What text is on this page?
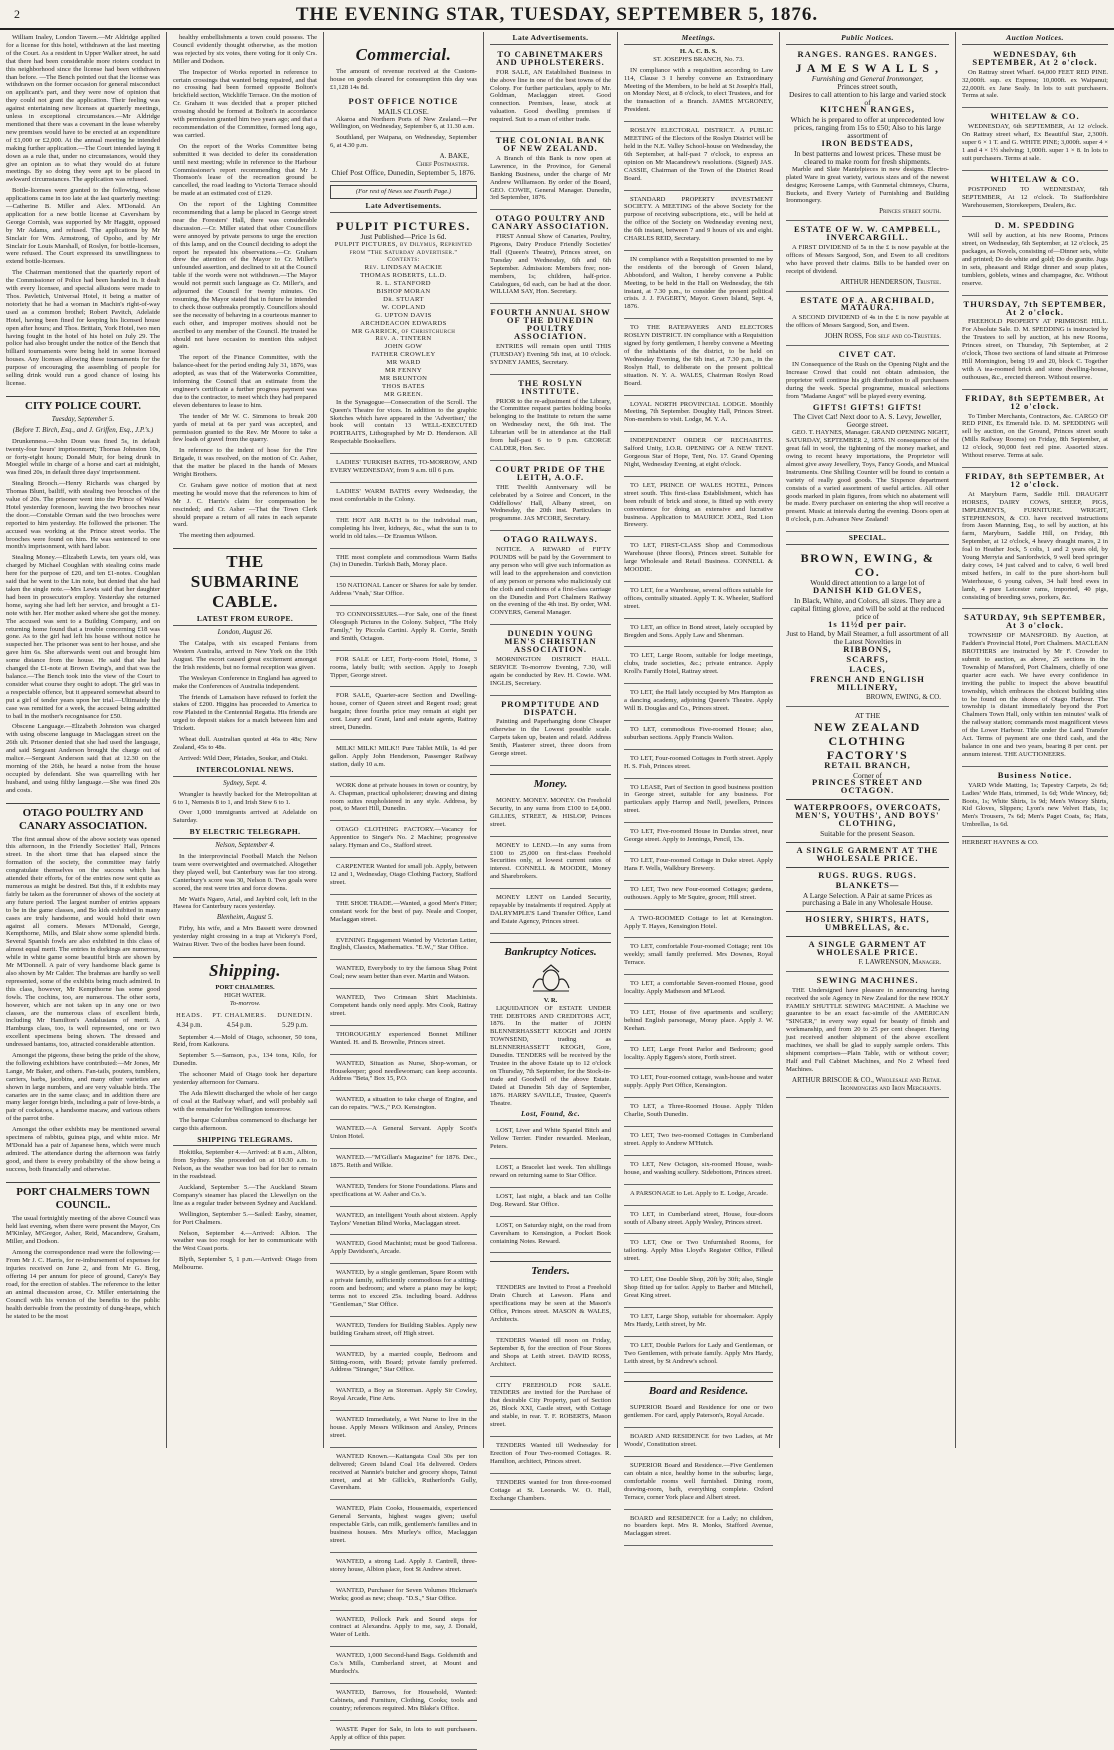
2	THE EVENING STAR, TUESDAY, SEPTEMBER 5, 1876.

William Inaley, London Tavern.—Mr Aldridge applied for a license for this hotel, withdrawn at the last meeting of the Court. As a resident in Upper Walker street, he said that there had been considerable more rioters conduct in this neighborhood since the license had been withdrawn than before. —The Bench pointed out that the license was withdrawn on the former occasion for general misconduct on applicant's part, and they were now of opinion that they could not grant the application. Their feeling was against entertaining new licenses at quarterly meetings, unless in exceptional circumstances.—Mr Aldridge mentioned that there was a covenant in the lease whereby new premises would have to be erected at an expenditure of £1,000 or £2,000. At the annual meeting he intended making further application.—The Court intended laying it down as a rule that, under no circumstances, would they give an opinion as to what they would do at future meetings. By so doing they were apt to be placed in awkward circumstances. The application was refused.

Bottle-licenses were granted to the following, whose applications came in too late at the last quarterly meeting:—Catherine B. Miller and Alex. M'Donald. An application for a new bottle license at Caversham by George Cornish, was supported by Mr Haggitt, opposed by Mr Adams, and refused. The applications by Mr Sinclair for Wm. Armstrong, of Opoho, and by Mr Sinclair for Louis Marshall, of Roslyn, for bottle-licenses, were refused. The Court expressed its unwillingness to extend bottle-licenses.

The Chairman mentioned that the quarterly report of the Commissioner of Police had been handed in. It dealt with every licensee, and special allusions were made to Thos. Pavletich, Universal Hotel, it being a matter of notoriety that he had a woman in Machin's right-of-way used as a common brothel; Robert Pavitch, Adelaide Hotel, having been fined for keeping his licensed house open after hours; and Thos. Brittain, York Hotel, two men having fought in the hotel of his hotel on July 29. The police had also brought under the notice of the Bench that billiard tournaments were being held in some licensed houses. Any licenses allowing these tournaments for the purpose of encouraging the assembling of people for selling drink would run a good chance of losing his license.

CITY POLICE COURT.
Tuesday, September 5.
(Before T. Birch, Esq., and J. Griffen, Esq., J.P.'s.)

Drunkenness.—John Doun was fined 5s, in default twenty-four hours' imprisonment; Thomas Johnston 10s, or forty-eight hours; Donald Muir, for being drunk in Moegiel while in charge of a horse and cart at midnight, was fined 20s, in default three days' imprisonment.

Stealing Brooch.—Henry Richards was charged by Thomas Blunt, bailiff, with stealing two brooches of the value of 20s. The prisoner went into the Prince of Wales Hotel yesterday forenoon, leaving the two brooches near the door.—Constable Orman said the two brooches were reported to him yesterday. He followed the prisoner. The accused was working at the Prince street works. The brooches were found on him. He was sentenced to one month's imprisonment, with hard labor.

Stealing Money.—Elizabeth Lewis, ten years old, was charged by Michael Coughlan with stealing coins made here for the purpose of £20, and ten £1-notes. Coughlan said that he went to the Lin note, but denied that she had taken the single note.—Mrs Lewis said that her daughter had been in prosecutor's employ. Yesterday she returned home, saying she had left her service, and brought a £1-note with her. Her mother asked where she got the money. The accused was sent to a Building Company, and on returning home found that a trouble concerning £18 was gone. As to the girl had left his house without notice he suspected her. The prisoner was sent to her house, and she gave him 6s. She afterwards went out and brought him some distance from the house. He said that she had changed the £1-note at Brown Ewing's, and that was the balance.—The Bench took into the view of the Court to consider what course they ought to adopt. The girl was in a respectable offence, but it appeared somewhat absurd to put a girl of tender years upon her trial.—Ultimately the case was remitted for a week, the accused being admitted to bail in the mother's recognisance for £50.

Obscene Language.—Elizabeth Johnston was charged with using obscene language in Maclaggan street on the 26th ult. Prisoner denied that she had used the language, and said Sergeant Anderson brought the charge out of malice.—Sergeant Anderson said that at 12.30 on the morning of the 26th, he heard a noise from the house occupied by defendant. She was quarrelling with her husband, and using filthy language.—She was fined 20s and costs.

OTAGO POULTRY AND CANARY ASSOCIATION.

The first annual show of the above society was opened this afternoon, in the Friendly Societies' Hall, Princes street. In the short time that has elapsed since the formation of the society, the committee may fairly congratulate themselves on the success which has attended their efforts, for of the entries now sent quite as numerous as might be desired. But this, if it exhibits may fairly be taken as the forerunner of shows of the society at any future period. The largest number of entries appears to be in the game classes, and Bo kids exhibited in many cases are truly handsome, and would hold their own against all comers. Messrs M'Donald, George, Kempthorne, Mills, and Blair show some splendid birds. Several Spanish fowls are also exhibited in this class of almost equal merit. The entries in dorkings are numerous, while in white game some beautiful birds are shown by Mr M'Donnell. A pair of very handsome black game is also shown by Mr Calder. The brahmas are hardly so well represented, some of the exhibits being much admired. In this class, however, Mr Kempthorne has some good fowls. The cochins, too, are numerous. The other sorts, however, which are not taken up in any one or two classes, are the numerous class of excellent birds, including Mr Hamilton's Andalusians of merit. A Hamburgs class, too, is well represented, one or two excellent specimens being shown. The dressed and undressed bantams, too, attracted considerable attention.

Amongst the pigeons, these being the pride of the show, the following exhibitors have contributed:—Mr Jones, Mr Lange, Mr Baker, and others. Fan-tails, pouters, tumblers, carriers, barbs, jacobins, and many other varieties are shown in large numbers, and are very valuable birds. The canaries are in the same class; and in addition there are many larger foreign birds, including a pair of love-birds, a pair of cockatoos, a handsome macaw, and various others of the parrot tribe.

Amongst the other exhibits may be mentioned several specimens of rabbits, guinea pigs, and white mice. Mr M'Donald has a pair of Japanese hens, which were much admired. The attendance during the afternoon was fairly good, and there is every probability of the show being a success, both financially and otherwise.

PORT CHALMERS TOWN COUNCIL.

The usual fortnightly meeting of the above Council was held last evening, when there were present the Mayor, Crs M'Kinlay, M'Gregor, Asher, Reid, Macandrew, Graham, Miller, and Dodson.

Among the correspondence read were the following:—From Mr J. C. Harris, for re-imbursement of expenses for injuries received on June 2, and from Mr G. Brog, offering 14 per annum for piece of ground, Carey's Bay road, for the erection of stables. The reference to the letter an animal discussion arose, Cr. Miller entertaining the Council with his version of the benefits to the public health derivable from the proximity of dung-heaps, which he stated to be the most

healthy embellishments a town could possess. The Council evidently thought otherwise, as the motion was rejected by six votes, there voting for it only Crs. Miller and Dodson.

The Inspector of Works reported in reference to certain crossings that wanted being repaired, and that no crossing had been formed opposite Bolton's brickfield section, Wickliffe Terrace. On the motion of Cr. Graham it was decided that a proper pitched crossing should be formed at Bolton's in accordance with permission granted him two years ago; and that a recommendation of the Committee, formed long ago, was carried.

On the report of the Works Committee being submitted it was decided to defer its consideration until next meeting; while in reference to the Harbour Commissioner's report recommending that Mr J. Thomson's lease of the recreation ground be cancelled, the road leading to Victoria Terrace should be made at an estimated cost of £129.

On the report of the Lighting Committee recommending that a lamp be placed in George street near the Foresters' Hall, there was considerable discussion.—Cr. Miller stated that other Councillors were annoyed by private persons to urge the erection of this lamp, and on the Council deciding to adopt the report he repeated his observations.—Cr. Graham drew the attention of the Mayor to Cr. Miller's unfounded assertion, and declined to sit at the Council table if the words were not withdrawn.—The Mayor would not permit such language as Cr. Miller's, and adjourned the Council for twenty minutes. On resuming, the Mayor stated that in future he intended to check those outbreaks promptly. Councillors should see the necessity of behaving in a courteous manner to each other, and improper motives should not be ascribed to any member of the Council. He trusted he should not have occasion to mention this subject again.

The report of the Finance Committee, with the balance-sheet for the period ending July 31, 1876, was adopted, as was that of the Waterworks Committee, informing the Council that an estimate from the engineer's certificate a further progress payment was due to the contractor, to meet which they had prepared eleven debentures to lease to him.

The tender of Mr W. C. Simmons to break 200 yards of metal at 6s per yard was accepted, and permission granted to the Rev. Mr Moore to take a few loads of gravel from the quarry.

In reference to the indent of hose for the Fire Brigade, it was resolved, on the motion of Cr. Asher, that the matter be placed in the hands of Messrs Wright Brothers.

Cr. Graham gave notice of motion that at next meeting he would move that the references to him of Mr J. C. Harris's claim for compensation be rescinded; and Cr. Asher —That the Town Clerk should prepare a return of all rates in each separate ward.

The meeting then adjourned.

THE SUBMARINE CABLE.
LATEST FROM EUROPE.
London, August 26.

The Catalpa, with six escaped Fenians from Western Australia, arrived in New York on the 19th August. The escort caused great excitement amongst the Irish residents, but no formal reception was given.

The Wesleyan Conference in England has agreed to make the Conferences of Australia independent.

The friends of Lamaison have refused to forfeit the stakes of £200. Higgins has proceeded to America to row Plaisted in the Centennial Regatta. His friends are urged to deposit stakes for a match between him and Trickett.

Wheat dull. Australian quoted at 46s to 48s; New Zealand, 45s to 48s.

Arrived: Wild Deer, Pleiades, Soukar, and Otaki.

INTERCOLONIAL NEWS.
Sydney, Sept. 4.

Wrangler is heavily backed for the Metropolitan at 6 to 1, Nemesis 8 to 1, and Irish Stew 6 to 1.

Over 1,000 immigrants arrived at Adelaide on Saturday.

BY ELECTRIC TELEGRAPH.
Nelson, September 4.

In the interprovincial Football Match the Nelson team were overweighted and overmatched. Altogether they played well, but Canterbury was far too strong. Canterbury's score was 30, Nelson 0. Two goals were scored, the rest were tries and force downs.

Mr Watt's Ngaro, Arial, and Jaybird colt, left in the Hawea for Canterbury races yesterday.

Blenheim, August 5.

Firby, his wife, and a Mrs Bassett were drowned yesterday night crossing in a trap at Vickery's Ford, Wairau River. Two of the bodies have been found.

Shipping.
PORT CHALMERS.
HIGH WATER.
To-morrow.
HEADS.	PT. CHALMERS.	DUNEDIN.
4.34 p.m.	4.54 p.m.	5.29 p.m.

September 4.—Mold of Otago, schooner, 50 tons, Reid, from Kaikoura.

September 5.—Samson, p.s., 134 tons, Kilo, for Dunedin.

The schooner Maid of Otago took her departure yesterday afternoon for Oamaru.

The Ada Blewitt discharged the whole of her cargo of coal at the Railway wharf, and will probably sail with the remainder for Wellington tomorrow.

The barque Columbus commenced to discharge her cargo this afternoon.

SHIPPING TELEGRAMS.

Hokitika, September 4.—Arrived: at 8 a.m., Albion, from Sydney. She proceeded on at 10.30 a.m. to Nelson, as the weather was too bad for her to remain in the roadstead.

Auckland, September 5.—The Auckland Steam Company's steamer has placed the Llewellyn on the line as a regular trader between Sydney and Auckland.

Wellington, September 5.—Sailed: Easby, steamer, for Port Chalmers.

Nelson, September 4.—Arrived: Albion. The weather was too rough for her to communicate with the West Coast ports.

Blyth, September 5, 1 p.m.—Arrived: Otago from Melbourne.

Commercial.

The amount of revenue received at the Custom-house on goods cleared for consumption this day was £1,128 14s 8d.

POST OFFICE NOTICE
MAILS CLOSE.

Akaroa and Northern Ports of New Zealand.—Per Wellington, on Wednesday, September 6, at 11.30 a.m.

Southland, per Waipana, on Wednesday, September 6, at 4.30 p.m.

A. BAKE,
Chief Postmaster.
Chief Post Office, Dunedin, September 5, 1876.
(For rest of News see Fourth Page.)
Late Advertisements.
PULPIT PICTURES.
Just Published—Price 1s 6d.
PULPIT PICTURES, by Dilymus, Reprinted from "The Saturday Advertiser."
Contents:
Rev. LINDSAY MACKIE
THOMAS ROBERTS, LL.D.
R. L. STANFORD
BISHOP MORAN
Dr. STUART
W. COPLAND
G. UPTON DAVIS
ARCHDEACON EDWARDS
MR GARRICK, of Christchurch
Rev. A. TINTERN
JOHN GOW
FATHER CROWLEY
MR WARD
MR FENNY
MR BRUNTON
THOS BATES
MR GREEN.

In the Synagogue—Consecration of the Scroll. The Queen's Theatre for vices. In addition to the graphic Sketches which have appeared in the 'Advertiser,' the book will contain 13 WELL-EXECUTED PORTRAITS, Lithographed by Mr D. Henderson. All Respectable Booksellers.

LADIES' TURKISH BATHS, TO-MORROW, AND EVERY WEDNESDAY, from 9 a.m. till 6 p.m.

LADIES' WARM BATHS every Wednesday, the most comfortable in the Colony.

THE HOT AIR BATH is to the individual man, completing his liver, kidneys, &c., what the sun is to world in old tales.—Dr Erasmus Wilson.

THE most complete and commodious Warm Baths (3s) in Dunedin. Turkish Bath, Moray place.

150 NATIONAL Lancer or Shares for sale by tender. Address 'Vnah,' Star Office.

TO CONNOISSEURS.—For Sale, one of the finest Oleograph Pictures in the Colony. Subject, "The Holy Family," by Piccola Cartini. Apply R. Corrie, Smith and Smith, Octagon.

FOR SALE or LET, Forty-room Hotel, Home, 3 rooms, lately built; with section. Apply to Joseph Tipper, George street.

FOR SALE, Quarter-acre Section and Dwelling-house, corner of Queen street and Regent road; great bargain; three fourths price may remain at eight per cent. Leary and Grant, land and estate agents, Rattray street, Dunedin.

MILK! MILK! MILK!! Pure Tablet Milk, 1s 4d per gallon. Apply John Henderson, Passenger Railway station, daily 10 a.m.

WORK done at private houses in town or country, by A. Chapman, practical upholsterer; drawing and dining room suites reupholstered in any style. Address, by post, to Maori Hill, Dunedin.

OTAGO CLOTHING FACTORY.—Vacancy for Apprentice to Singer's No. 2 Machine; progressive salary. Hyman and Co., Stafford street.

CARPENTER Wanted for small job. Apply, between 12 and 1, Wednesday, Otago Clothing Factory, Stafford street.

THE SHOE TRADE.—Wanted, a good Men's Fitter; constant work for the best of pay. Neale and Cooper, Maclaggan street.

EVENING Engagement Wanted by Victorian Letter, English, Classics, Mathematics. "E.W.," Star Office.

WANTED, Everybody to try the famous Shag Point Coal; new seam better than ever. Martin and Watson.

WANTED, Two Crimean Shirt Machinists. Competent hands only need apply. Mrs Cook, Rattray street.

THOROUGHLY experienced Bonnet Milliner Wanted. H. and B. Brownlie, Princes street.

WANTED, Situation as Nurse, Shop-woman, or Housekeeper; good needlewoman; can keep accounts. Address "Beta," Box 15, P.O.

WANTED, a situation to take charge of Engine, and can do repairs. "W.S.," P.O. Kensington.

WANTED.—A General Servant. Apply Scott's Union Hotel.

WANTED.—"M'Gillan's Magazine" for 1876. Dec., 1875. Reith and Wilkie.

WANTED, Tenders for Stone Foundations. Plans and specifications at W. Asher and Co.'s.

WANTED, an intelligent Youth about sixteen. Apply Taylors' Venetian Blind Works, Maclaggan street.

WANTED, Good Machinist; must be good Tailoress. Apply Davidson's, Arcade.

WANTED, by a single gentleman, Spare Room with a private family, sufficiently commodious for a sitting-room and bedroom; and where a piano may be kept; terms not to exceed 25s. including board. Address "Gentleman," Star Office.

WANTED, Tenders for Building Stables. Apply new building Graham street, off High street.

WANTED, by a married couple, Bedroom and Sitting-room, with Board; private family preferred. Address "Stranger," Star Office.

WANTED, a Boy as Storeman. Apply Sir Cowley, Royal Arcade, Fine Arts.

WANTED Immediately, a Wet Nurse to live in the house. Apply Messrs Wilkinson and Ansley, Princes street.

WANTED Known.—Kaitangata Coal 30s per ton delivered; Green Island Coal 16s delivered. Orders received at Nannie's butcher and grocery shops, Tainui street, and at Mr Gillick's, Rutherford's Gully, Caversham.

WANTED, Plain Cooks, Housemaids, experienced General Servants, highest wages given; useful respectable Girls, can milk, gentlemen's families and in business houses. Mrs Murley's office, Maclaggan street.

WANTED, a strong Lad. Apply J. Cantrell, three-storey house, Albion place, foot St Andrew street.

WANTED, Purchaser for Seven Volumes Hickman's Works; good as new; cheap. "D.S.," Star Office.

WANTED, Pollock Park and Sound steps for contract at Alexandra. Apply to me, say, J. Donald, Water of Leith.

WANTED, 1,000 Second-hand Bags. Goldsmith and Co.'s Mills, Cumberland street, at Mount and Murdoch's.

WANTED, Barrows, for Household, Wanted: Cabinets, and Furniture, Clothing, Cooks; tools and country; references required. Mrs Blake's Office.

WASTE Paper for Sale, in lots to suit purchasers. Apply at office of this paper.

Late Advertisements.
TO CABINETMAKERS AND UPHOLSTERERS.

FOR SALE, AN Established Business in the above line in one of the best towns of the Colony. For further particulars, apply to Mr. Goldman, Maclaggan street. Good connection. Premises, lease, stock at valuation. Good dwelling premises if required. Suit to a man of either trade.

THE COLONIAL BANK OF NEW ZEALAND.

A Branch of this Bank is now open at Lawrence, in the Province, for General Banking Business, under the charge of Mr Andrew Williamson. By order of the Board, GEO. COWIE, General Manager. Dunedin, 3rd September, 1876.

OTAGO POULTRY AND CANARY ASSOCIATION.

FIRST Annual Show of Canaries, Poultry, Pigeons, Dairy Produce Friendly Societies' Hall (Queen's Theatre), Princes street, on Tuesday and Wednesday, 6th and 6th September. Admission: Members free; non-members, 1s; children, half-price. Catalogues, 6d each, can be had at the door. WILLIAM SAY, Hon. Secretary.

FOURTH ANNUAL SHOW OF THE DUNEDIN POULTRY ASSOCIATION.

ENTRIES will remain open until THIS (TUESDAY) Evening 5th inst, at 10 o'clock. SYDNEY JAMES, Secretary.

THE ROSLYN INSTITUTE.

PRIOR to the re-adjustment of the Library, the Committee request parties holding books belonging to the Institute to return the same on Wednesday next, the 6th inst. The Librarian will be in attendance at the Hall from half-past 6 to 9 p.m. GEORGE CALDER, Hon. Sec.

COURT PRIDE OF THE LEITH, A.O.F.

THE Twelfth Anniversary will be celebrated by a Soiree and Concert, in the Oddfellows' Hall, Albany street, on Wednesday, the 20th inst. Particulars in programme. JAS M'CORE, Secretary.

OTAGO RAILWAYS.

NOTICE. A REWARD of FIFTY POUNDS will be paid by the Government to any person who will give such information as will lead to the apprehension and conviction of any person or persons who maliciously cut the cloth and cushions of a first-class carriage on the Dunedin and Port Chalmers Railway on the evening of the 4th inst. By order, WM. CONYERS, General Manager.

DUNEDIN YOUNG MEN'S CHRISTIAN ASSOCIATION.

MORNINGTON DISTRICT HALL. SERVICE To-morrow Evening, 7.30, will again be conducted by Rev. H. Cowie. WM. INGLIS, Secretary.

PROMPTITUDE AND DISPATCH.

Painting and Paperhanging done Cheaper otherwise in the Lowest possible scale. Carpets taken up, beaten and relaid. Address Smith, Plasterer street, three doors from George street.

Money.

MONEY. MONEY. MONEY. On Freehold Security, in any sums from £100 to £4,000. GILLIES, STREET, & HISLOP, Princes street.

MONEY to LEND.—In any sums from £100 to 25,000 on first-class Freehold Securities only, at lowest current rates of interest. CONNELL & MOODIE, Money and Sharebrokers.

MONEY LENT on Landed Security, repayable by instalments if required. Apply at DALRYMPLE'S Land Transfer Office, Land and Estate Agency, Princes street.

Bankruptcy Notices.
V. R.

LIQUIDATION OF ESTATE UNDER THE DEBTORS AND CREDITORS ACT, 1876. In the matter of JOHN BLENNERHASSETT KEOGH and JOHN TOWNSEND, trading as BLENNERHASSETT KEOGH, Gore, Dunedin. TENDERS will be received by the Trustee in the above Estate up to 12 o'clock on Thursday, 7th September, for the Stock-in-trade and Goodwill of the above Estate. Dated at Dunedin 5th day of September, 1876. HARRY SAVILLE, Trustee, Queen's Theatre.

Lost, Found, &c.

LOST, Liver and White Spaniel Bitch and Yellow Terrier. Finder rewarded. Meelean, Peters.

LOST, a Bracelet last week. Ten shillings reward on returning same to Star Office.

LOST, last night, a black and tan Collie Dog. Reward. Star Office.

LOST, on Saturday night, on the road from Caversham to Kensington, a Pocket Book containing Notes. Reward.

Tenders.

TENDERS are Invited to Frost a Freehold Drain Church at Lawson. Plans and specifications may be seen at the Mason's Office, Princes street. MASON & WALES, Architects.

TENDERS Wanted till noon on Friday, September 8, for the erection of Four Stores and Shops at Leith street. DAVID ROSS, Architect.

CITY FREEHOLD FOR SALE. TENDERS are invited for the Purchase of that desirable City Property, part of Section 26, Block XXI, Castle street, with Cottage and stable, in rear. T. F. ROBERTS, Mason street.

TENDERS Wanted till Wednesday for Erection of Four Two-roomed Cottages. R. Hamilton, architect, Princes street.

TENDERS wanted for Iron three-roomed Cottage at St. Leonards. W. O. Hall, Exchange Chambers.

Meetings.
H. A. C. B. S.
ST. JOSEPH'S BRANCH, No. 73.

IN compliance with a requisition according to Law 114, Clause 3 I hereby convene an Extraordinary Meeting of the Members, to be held at St Joseph's Hall, on Monday Next, at 8 o'clock, to elect Trustees, and for the transaction of a Branch. JAMES M'GRONEY, President.

ROSLYN ELECTORAL DISTRICT. A PUBLIC MEETING of the Electors of the Roslyn District will be held in the N.E. Valley School-house on Wednesday, the 6th September, at half-past 7 o'clock, to express an opinion on Mr Macandrew's resolutions. (Signed) JAS. CASSIE, Chairman of the Town of the District Road Board.

STANDARD PROPERTY INVESTMENT SOCIETY. A MEETING of the above Society for the purpose of receiving subscriptions, etc., will be held at the office of the Society on Wednesday evening next, the 6th instant, between 7 and 9 hours of six and eight. CHARLES REID, Secretary.

IN compliance with a Requisition presented to me by the residents of the borough of Green Island, Abbotsford, and Walton, I hereby convene a Public Meeting, to be held in the Hall on Wednesday, the 6th instant, at 7.30 p.m., to consider the present political crisis. J. J. FAGERTY, Mayor. Green Island, Sept. 4, 1876.

TO THE RATEPAYERS AND ELECTORS ROSLYN DISTRICT. IN compliance with a Requisition signed by forty gentlemen, I hereby convene a Meeting of the inhabitants of the district, to be held on Wednesday Evening, the 6th inst., at 7.30 p.m., in the Roslyn Hall, to deliberate on the present political situation. N. Y. A. WALES, Chairman Roslyn Road Board.

LOYAL NORTH PROVINCIAL LODGE. Monthly Meeting, 7th September. Doughty Hall, Princes Street. Non-members to visit. Lodge, M. Y. A.

INDEPENDENT ORDER OF RECHABITES. Salford Unity, I.O.R. OPENING OF A NEW TENT. Gorgeous Star of Hope, Tent, No. 17. Grand Opening Night, Wednesday Evening, at eight o'clock.

TO LET, PRINCE OF WALES HOTEL, Princes street south. This first-class Establishment, which has been rebuilt of brick and stone, is fitted up with every convenience for doing an extensive and lucrative business. Application to MAURICE JOEL, Red Lion Brewery.

TO LET, FIRST-CLASS Shop and Commodious Warehouse (three floors), Princes street. Suitable for large Wholesale and Retail Business. CONNELL & MOODIE.

TO LET, for a Warehouse, several offices suitable for offices, centrally situated. Apply T. K. Wheeler, Stafford street.

TO LET, an office in Bond street, lately occupied by Bregden and Sons. Apply Law and Shenman.

TO LET, Large Room, suitable for lodge meetings, clubs, trade societies, &c.; private entrance. Apply Kroll's Family Hotel, Rattray street.

TO LET, the Hall lately occupied by Mrs Hampton as a dancing academy, adjoining Queen's Theatre. Apply Will B. Douglas and Co., Princes street.

TO LET, commodious Five-roomed House; also, suburban sections. Apply Francis Walton.

TO LET, Four-roomed Cottages in Forth street. Apply H. S. Fish, Princes street.

TO LEASE, Part of Section in good business position in George street, suitable for any business. For particulars apply Harrop and Neill, jewellers, Princes street.

TO LET, Five-roomed House in Dundas street, near George street. Apply to Jennings, Pencil, 13s.

TO LET, Four-roomed Cottage in Duke street. Apply Hans F. Wells, Walkbury Brewery.

TO LET, Two new Four-roomed Cottages; gardens, outhouses. Apply to Mr Squire, grocer, Hill street.

A TWO-ROOMED Cottage to let at Kensington. Apply T. Hayes, Kensington Hotel.

TO LET, comfortable Four-roomed Cottage; rent 10s weekly; small family preferred. Mrs Downes, Royal Terrace.

TO LET, a comfortable Seven-roomed House, good locality. Apply Matheson and M'Leod.

TO LET, House of five apartments and scullery; behind English parsonage, Moray place. Apply J. W. Keehan.

TO LET, Large Front Parlor and Bedroom; good locality. Apply Eggers's store, Forth street.

TO LET, Four-roomed cottage, wash-house and water supply. Apply Port Office, Kensington.

TO LET, a Three-Roomed House. Apply Tilden Charlie, South Dunedin.

TO LET, Two two-roomed Cottages in Cumberland street. Apply to Andrew M'Hutch.

TO LET, New Octagon, six-roomed House, wash-house, and washing scullery. Sidebottom, Princes street.

A PARSONAGE to Let. Apply to E. Lodge, Arcade.

TO LET, in Cumberland street, House, four-doors south of Albany street. Apply Wesley, Princes street.

TO LET, One or Two Unfurnished Rooms, for tailoring. Apply Miss Lloyd's Register Office, Filleul street.

TO LET, One Double Shop, 20ft by 30ft; also, Single Shop fitted up for tailor. Apply to Barber and Mitchell, Great King street.

TO LET, Large Shop, suitable for shoemaker. Apply Mrs Hardy, Leith street, by Mr.

TO LET, Double Parlors for Lady and Gentleman, or Two Gentlemen, with private family. Apply Mrs Hardy, Leith street, by St Andrew's school.

Board and Residence.

SUPERIOR Board and Residence for one or two gentlemen. For card, apply Paterson's, Royal Arcade.

BOARD AND RESIDENCE for two Ladies, at Mr Woods', Constitution street.

SUPERIOR Board and Residence.—Five Gentlemen can obtain a nice, healthy home in the suburbs; large, comfortable rooms well furnished. Dining room, drawing-room, bath, everything complete. Oxford Terrace, corner York place and Albert street.

BOARD and RESIDENCE for a Lady; no children, no boarders kept. Mrs R. Monks, Stafford Avenue, Maclaggan street.

Public Notices.
RANGES. RANGES. RANGES.
J A M E S W A L L S ,
Furnishing and General Ironmonger,
Princes street south,
Desires to call attention to his large and varied stock of
KITCHEN RANGES,
Which he is prepared to offer at unprecedented low prices, ranging from 15s to £50; Also to his large assortment of
IRON BEDSTEADS,
In best patterns and lowest prices. These must be cleared to make room for fresh shipments.

Marble and Slate Mantelpieces in new designs. Electro-plated Ware in great variety, various sizes and of the newest designs; Kerosene Lamps, with Gunmetal chimneys, Churns, Buckets, and Every Variety of Furnishing and Building Ironmongery.

Princes street south.
ESTATE OF W. W. CAMPBELL, INVERCARGILL.

A FIRST DIVIDEND of 5s in the £ is now payable at the offices of Messrs Sargood, Son, and Ewen to all creditors who have proved their claims. Bills to be handed over on receipt of dividend.

ARTHUR HENDERSON, Trustee.
ESTATE OF A. ARCHIBALD, MATAURA.

A SECOND DIVIDEND of 4s in the £ is now payable at the offices of Messrs Sargood, Son, and Ewen.

JOHN ROSS, For self and co-Trustees.
CIVET CAT.

IN Consequence of the Rush on the Opening Night and the Increase Crowd that could not obtain admission, the proprietor will continue his gift distribution to all purchasers during the week. Special programme, musical selections from "Madame Angot" will be played every evening.

GIFTS! GIFTS! GIFTS!
The Civet Cat! Next door to A. S. Levy, Jeweller, George street.

GEO. T. HAYNES, Manager. GRAND OPENING NIGHT, SATURDAY, SEPTEMBER 2, 1876. IN consequence of the great fall in wool, the tightening of the money market, and owing to recent heavy importations, the Proprietor will almost give away Jewellery, Toys, Fancy Goods, and Musical Instruments. One Shilling Counter will be found to contain a variety of really good goods. The Sixpence department consists of a varied assortment of useful articles. All other goods marked in plain figures, from which no abatement will be made. Every purchaser on entering the shop will receive a present. Music at intervals during the evening. Doors open at 8 o'clock, p.m. Advance New Zealand!

SPECIAL.
BROWN, EWING, & CO.
Would direct attention to a large lot of
DANISH KID GLOVES,
In Black, White, and Colors, all sizes. They are a capital fitting glove, and will be sold at the reduced price of
1s 11½d per pair.
Just to Hand, by Mail Steamer, a full assortment of all the Latest Novelties in
RIBBONS,
SCARFS,
LACES,
FRENCH AND ENGLISH MILLINERY,
BROWN, EWING, & CO.
AT THE
NEW ZEALAND CLOTHING FACTORY'S
RETAIL BRANCH,
Corner of
PRINCES STREET AND OCTAGON.
WATERPROOFS, OVERCOATS, MEN'S, YOUTHS', AND BOYS' CLOTHING,
Suitable for the present Season.
A SINGLE GARMENT AT THE WHOLESALE PRICE.
RUGS. RUGS. RUGS.
BLANKETS—
A Large Selection. A Pair at same Prices as purchasing a Bale in any Wholesale House.
HOSIERY, SHIRTS, HATS, UMBRELLAS, &c.
A SINGLE GARMENT AT WHOLESALE PRICE.
F. LAWRENSON, Manager.
SEWING MACHINES.

THE Undersigned have pleasure in announcing having received the sole Agency in New Zealand for the new HOLY FAMILY SHUTTLE SEWING MACHINE. A Machine we guarantee to be an exact fac-simile of the AMERICAN "SINGER," in every way equal for beauty of finish and workmanship, and from 20 to 25 per cent cheaper. Having just received another shipment of the above excellent machines, we shall be glad to supply sample orders. This shipment comprises—Plain Table, with or without cover; Half and Full Cabinet Machines, and No 2 Wheel feed Machines.

ARTHUR BRISCOE & CO., Wholesale and Retail Ironmongers and Iron Merchants.
Auction Notices.
WEDNESDAY, 6th SEPTEMBER, At 2 o'clock.

On Rattray street Wharf. 64,000 FEET RED PINE. 32,000ft. sup. ex Express; 10,000ft. ex Waipanui; 22,000ft. ex Jane Sealy. In lots to suit purchasers. Terms at sale.

WHITELAW & CO.

WEDNESDAY, 6th SEPTEMBER, At 12 o'clock. On Rattray street wharf, Ex Beautiful Star, 2,300ft. super 6 × 1 T. and G. WHITE PINE; 3,000ft. super 4 × 1 and 4 × 1½ shelving; 1,000ft. super 1 × 8. In lots to suit purchasers. Terms at sale.

WHITELAW & CO.

POSTPONED TO WEDNESDAY, 6th SEPTEMBER, At 12 o'clock. To Staffordshire Warehousemen, Storekeepers, Dealers, &c.

D. M. SPEDDING

Will sell by auction, at his new Rooms, Princes street, on Wednesday, 6th September, at 12 o'clock, 25 packages, as Novels, consisting of—Dinner sets, white and printed; Do do white and gold; Do do granite. Jugs in sets, pheasant and Ridge dinner and soup plates, tumblers, goblets, wines and champagne, &c. Without reserve.

THURSDAY, 7th SEPTEMBER, At 2 o'clock.

FREEHOLD PROPERTY AT PRIMROSE HILL. For Absolute Sale. D. M. SPEDDING is instructed by the Trustees to sell by auction, at his new Rooms, Princes street, on Thursday, 7th September, at 2 o'clock, Those two sections of land situate at Primrose Hill Mornington, being 19 and 20, block C. Together with A tea-roomed brick and stone dwelling-house, outhouses, &c., erected thereon. Without reserve.

FRIDAY, 8th SEPTEMBER, At 12 o'clock.

To Timber Merchants, Contractors, &c. CARGO OF RED PINE, Ex Emerald Isle. D. M. SPEDDING will sell by auction, on the Ground, Princes street south (Mills Railway Rooms) on Friday, 8th September, at 12 o'clock, 90,000 feet red pine. Assorted sizes. Without reserve. Terms at sale.

FRIDAY, 8th SEPTEMBER, At 12 o'clock.

At Maryburn Farm, Saddle Hill. DRAUGHT HORSES, DAIRY COWS, SHEEP, PIGS, IMPLEMENTS, FURNITURE. WRIGHT, STEPHENSON, & CO. have received instructions from Jason Manning, Esq., to sell by auction, at his farm, Maryburn, Saddle Hill, on Friday, 8th September, at 12 o'clock, 4 heavy draught mares, 2 in foal to Heather Jock, 5 colts, 1 and 2 years old, by Young Merryia and Sanfordwick, 9 well bred springer dairy cows, 14 just calved and to calve, 6 well bred mixed heifers, in calf to the pure short-horn bull Waterhouse, 6 young calves, 34 half bred ewes in lamb, 4 pure Leicester rams, imported, 40 pigs, consisting of breeding sows, porkers, &c.

SATURDAY, 9th SEPTEMBER, At 3 o'clock.

TOWNSHIP OF MANSFORD. By Auction, at Fadden's Provincial Hotel, Port Chalmers. MACLEAN BROTHERS are instructed by Mr F. Crowder to submit to auction, as above, 25 sections in the Township of Mansford, Port Chalmers, chiefly of one quarter acre each. We have every confidence in inviting the public to inspect the above beautiful township, which embraces the choicest building sites to be found on the shores of Otago Harbour. The township is distant immediately beyond the Port Chalmers Town Hall, only within ten minutes' walk of the railway station; commands most magnificent views of the Lower Harbour. Title under the Land Transfer Act. Terms of payment are one third cash, and the balance in one and two years, bearing 8 per cent. per annum interest. THE AUCTIONEERS.

Business Notice.

YARD Wide Matting, 1s; Tapestry Carpets, 2s 6d; Ladies' Wide Hats, trimmed, 1s 6d; Wide Wincey, 6d; Boots, 1s; White Shirts, 1s 9d; Men's Wincey Shirts, Kid Gloves, Slippers; Lyon's new Velvet Hats, 1s; Men's Trousers, 7s 6d; Men's Paget Coats, 6s; Hats, Umbrellas, 1s 6d.

HERBERT HAYNES & CO.
